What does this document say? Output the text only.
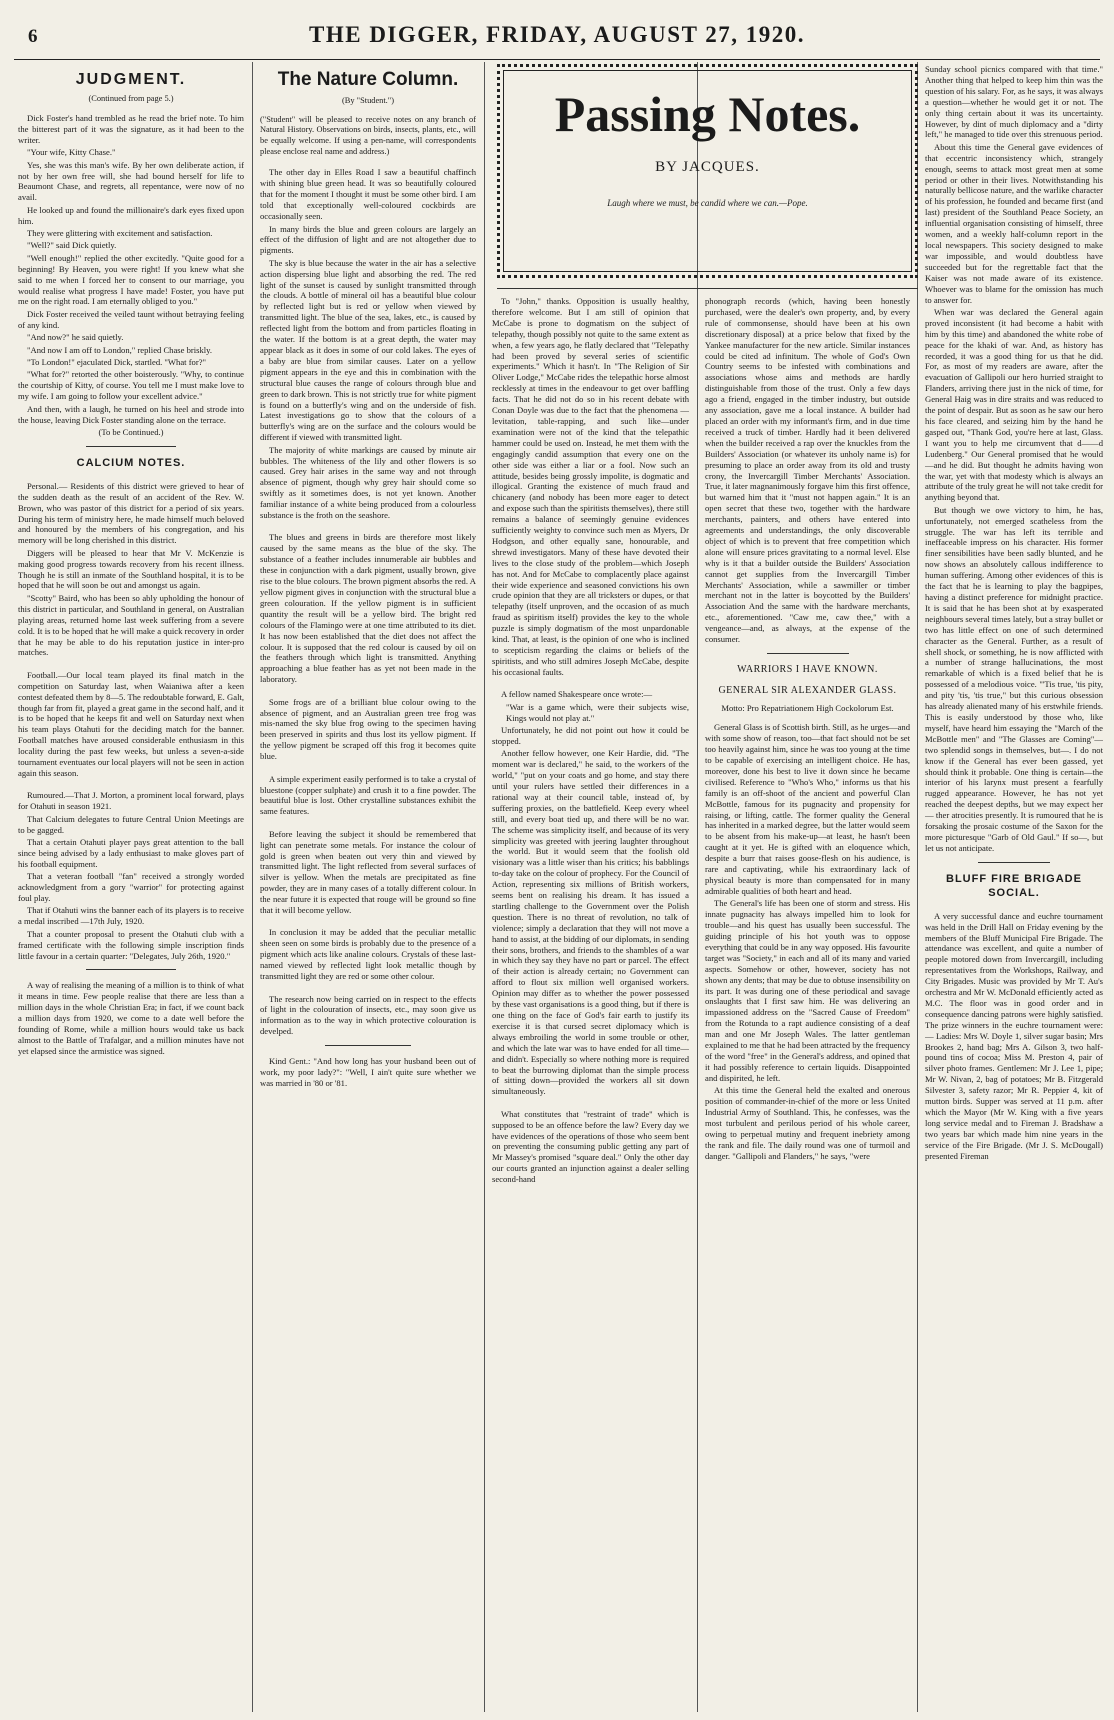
6	THE DIGGER, FRIDAY, AUGUST 27, 1920.
JUDGMENT.
(Continued from page 5.)

Dick Foster's hand trembled as he read the brief note. To him the bitterest part of it was the signature, as it had been to the writer.

"Your wife, Kitty Chase."

Yes, she was this man's wife. By her own deliberate action, if not by her own free will, she had bound herself for life to Beaumont Chase, and regrets, all repentance, were now of no avail.

He looked up and found the millionaire's dark eyes fixed upon him.

They were glittering with excitement and satisfaction.

"Well?" said Dick quietly.

"Well enough!" replied the other excitedly. "Quite good for a beginning! By Heaven, you were right! If you knew what she said to me when I forced her to consent to our marriage, you would realise what progress I have made! Foster, you have put me on the right road. I am eternally obliged to you."

Dick Foster received the veiled taunt without betraying feeling of any kind.

"And now?" he said quietly.

"And now I am off to London," replied Chase briskly.

"To London!" ejaculated Dick, startled. "What for?"

"What for?" retorted the other boisterously. "Why, to continue the courtship of Kitty, of course. You tell me I must make love to my wife. I am going to follow your excellent advice."

And then, with a laugh, he turned on his heel and strode into the house, leaving Dick Foster standing alone on the terrace.

(To be Continued.)

CALCIUM NOTES.

Personal.— Residents of this district were grieved to hear of the sudden death as the result of an accident of the Rev. W. Brown, who was pastor of this district for a period of six years. During his term of ministry here, he made himself much beloved and honoured by the members of his congregation, and his memory will be long cherished in this district.

Diggers will be pleased to hear that Mr V. McKenzie is making good progress towards recovery from his recent illness. Though he is still an inmate of the Southland hospital, it is to be hoped that he will soon be out and amongst us again.

"Scotty" Baird, who has been so ably upholding the honour of this district in particular, and Southland in general, on Australian playing areas, returned home last week suffering from a severe cold. It is to be hoped that he will make a quick recovery in order that he may be able to do his reputation justice in inter-pro matches.

Football.—Our local team played its final match in the competition on Saturday last, when Waianiwa after a keen contest defeated them by 8—5. The redoubtable forward, E. Galt, though far from fit, played a great game in the second half, and it is to be hoped that he keeps fit and well on Saturday next when his team plays Otahuti for the deciding match for the banner. Football matches have aroused considerable enthusiasm in this locality during the past few weeks, but unless a seven-a-side tournament eventuates our local players will not be seen in action again this season.

Rumoured.—That J. Morton, a prominent local forward, plays for Otahuti in season 1921.

That Calcium delegates to future Central Union Meetings are to be gagged.

That a certain Otahuti player pays great attention to the ball since being advised by a lady enthusiast to make gloves part of his football equipment.

That a veteran football "fan" received a strongly worded acknowledgment from a gory "warrior" for protecting against foul play.

That if Otahuti wins the banner each of its players is to receive a medal inscribed —17th July, 1920.

That a counter proposal to present the Otahuti club with a framed certificate with the following simple inscription finds little favour in a certain quarter: "Delegates, July 26th, 1920."

A way of realising the meaning of a million is to think of what it means in time. Few people realise that there are less than a million days in the whole Christian Era; in fact, if we count back a million days from 1920, we come to a date well before the founding of Rome, while a million hours would take us back almost to the Battle of Trafalgar, and a million minutes have not yet elapsed since the armistice was signed.

The Nature Column.
(By "Student.")
("Student" will be pleased to receive notes on any branch of Natural History. Observations on birds, insects, plants, etc., will be equally welcome. If using a pen-name, will correspondents please enclose real name and address.)

The other day in Elles Road I saw a beautiful chaffinch with shining blue green head. It was so beautifully coloured that for the moment I thought it must be some other bird. I am told that exceptionally well-coloured cockbirds are occasionally seen.

In many birds the blue and green colours are largely an effect of the diffusion of light and are not altogether due to pigments.

The sky is blue because the water in the air has a selective action dispersing blue light and absorbing the red. The red light of the sunset is caused by sunlight transmitted through the clouds. A bottle of mineral oil has a beautiful blue colour by reflected light but is red or yellow when viewed by transmitted light. The blue of the sea, lakes, etc., is caused by reflected light from the bottom and from particles floating in the water. If the bottom is at a great depth, the water may appear black as it does in some of our cold lakes. The eyes of a baby are blue from similar causes. Later on a yellow pigment appears in the eye and this in combination with the structural blue causes the range of colours through blue and green to dark brown. This is not strictly true for white pigment is found on a butterfly's wing and on the underside of fish. Latest investigations go to show that the colours of a butterfly's wing are on the surface and the colours would be different if viewed with transmitted light.

The majority of white markings are caused by minute air bubbles. The whiteness of the lily and other flowers is so caused. Grey hair arises in the same way and not through absence of pigment, though why grey hair should come so swiftly as it sometimes does, is not yet known. Another familiar instance of a white being produced from a colourless substance is the froth on the seashore.

The blues and greens in birds are therefore most likely caused by the same means as the blue of the sky. The substance of a feather includes innumerable air bubbles and these in conjunction with a dark pigment, usually brown, give rise to the blue colours. The brown pigment absorbs the red. A yellow pigment gives in conjunction with the structural blue a green colouration. If the yellow pigment is in sufficient quantity the result will be a yellow bird. The bright red colours of the Flamingo were at one time attributed to its diet. It has now been established that the diet does not affect the colour. It is supposed that the red colour is caused by oil on the feathers through which light is transmitted. Anything approaching a blue feather has as yet not been made in the laboratory.

Some frogs are of a brilliant blue colour owing to the absence of pigment, and an Australian green tree frog was mis-named the sky blue frog owing to the specimen having been preserved in spirits and thus lost its yellow pigment. If the yellow pigment be scraped off this frog it becomes quite blue.

A simple experiment easily performed is to take a crystal of bluestone (copper sulphate) and crush it to a fine powder. The beautiful blue is lost. Other crystalline substances exhibit the same features.

Before leaving the subject it should be remembered that light can penetrate some metals. For instance the colour of gold is green when beaten out very thin and viewed by transmitted light. The light reflected from several surfaces of silver is yellow. When the metals are precipitated as fine powder, they are in many cases of a totally different colour. In the near future it is expected that rouge will be ground so fine that it will become yellow.

In conclusion it may be added that the peculiar metallic sheen seen on some birds is probably due to the presence of a pigment which acts like analine colours. Crystals of these last-named viewed by reflected light look metallic though by transmitted light they are red or some other colour.

The research now being carried on in respect to the effects of light in the colouration of insects, etc., may soon give us information as to the way in which protective colouration is develped.

Kind Gent.: "And how long has your husband been out of work, my poor lady?": "Well, I ain't quite sure whether we was married in '80 or '81.

Passing Notes.
BY JACQUES.
Laugh where we must, be candid where we can.—Pope.

To "John," thanks. Opposition is usually healthy, therefore welcome. But I am still of opinion that McCabe is prone to dogmatism on the subject of telepathy, though possibly not quite to the same extent as when, a few years ago, he flatly declared that "Telepathy had been proved by several series of scientific experiments." Which it hasn't. In "The Religion of Sir Oliver Lodge," McCabe rides the telepathic horse almost recklessly at times in the endeavour to get over baffling facts. That he did not do so in his recent debate with Conan Doyle was due to the fact that the phenomena — levitation, table-rapping, and such like—under examination were not of the kind that the telepathic hammer could be used on. Instead, he met them with the engagingly candid assumption that every one on the other side was either a liar or a fool. Now such an attitude, besides being grossly impolite, is dogmatic and illogical. Granting the existence of much fraud and chicanery (and nobody has been more eager to detect and expose such than the spiritists themselves), there still remains a balance of seemingly genuine evidences sufficiently weighty to convince such men as Myers, Dr Hodgson, and other equally sane, honourable, and shrewd investigators. Many of these have devoted their lives to the close study of the problem—which Joseph has not. And for McCabe to complacently place against their wide experience and seasoned convictions his own crude opinion that they are all tricksters or dupes, or that telepathy (itself unproven, and the occasion of as much fraud as spiritism itself) provides the key to the whole puzzle is simply dogmatism of the most unpardonable kind. That, at least, is the opinion of one who is inclined to scepticism regarding the claims or beliefs of the spiritists, and who still admires Joseph McCabe, despite his occasional faults.

A fellow named Shakespeare once wrote:—

"War is a game which, were their subjects wise, Kings would not play at."

Unfortunately, he did not point out how it could be stopped.

Another fellow however, one Keir Hardie, did. "The moment war is declared," he said, to the workers of the world," "put on your coats and go home, and stay there until your rulers have settled their differences in a rational way at their council table, instead of, by suffering proxies, on the battlefield. Keep every wheel still, and every boat tied up, and there will be no war. The scheme was simplicity itself, and because of its very simplicity was greeted with jeering laughter throughout the world. But it would seem that the foolish old visionary was a little wiser than his critics; his babblings to-day take on the colour of prophecy. For the Council of Action, representing six millions of British workers, seems bent on realising his dream. It has issued a startling challenge to the Government over the Polish question. There is no threat of revolution, no talk of violence; simply a declaration that they will not move a hand to assist, at the bidding of our diplomats, in sending their sons, brothers, and friends to the shambles of a war in which they say they have no part or parcel. The effect of their action is already certain; no Government can afford to flout six million well organised workers. Opinion may differ as to whether the power possessed by these vast organisations is a good thing, but if there is one thing on the face of God's fair earth to justify its exercise it is that cursed secret diplomacy which is always embroiling the world in some trouble or other, and which the late war was to have ended for all time—and didn't. Especially so where nothing more is required to beat the burrowing diplomat than the simple process of sitting down—provided the workers all sit down simultaneously.

What constitutes that "restraint of trade" which is supposed to be an offence before the law? Every day we have evidences of the operations of those who seem bent on preventing the consuming public getting any part of Mr Massey's promised "square deal." Only the other day our courts granted an injunction against a dealer selling second-hand

phonograph records (which, having been honestly purchased, were the dealer's own property, and, by every rule of commonsense, should have been at his own discretionary disposal) at a price below that fixed by the Yankee manufacturer for the new article. Similar instances could be cited ad infinitum. The whole of God's Own Country seems to be infested with combinations and associations whose aims and methods are hardly distinguishable from those of the trust. Only a few days ago a friend, engaged in the timber industry, but outside any association, gave me a local instance. A builder had placed an order with my informant's firm, and in due time received a truck of timber. Hardly had it been delivered when the builder received a rap over the knuckles from the Builders' Association (or whatever its unholy name is) for presuming to place an order away from its old and trusty crony, the Invercargill Timber Merchants' Association. True, it later magnanimously forgave him this first offence, but warned him that it "must not happen again." It is an open secret that these two, together with the hardware merchants, painters, and others have entered into agreements and understandings, the only discoverable object of which is to prevent that free competition which alone will ensure prices gravitating to a normal level. Else why is it that a builder outside the Builders' Association cannot get supplies from the Invercargill Timber Merchants' Association, while a sawmiller or timber merchant not in the latter is boycotted by the Builders' Association And the same with the hardware merchants, etc., aforementioned. "Caw me, caw thee," with a vengeance—and, as always, at the expense of the consumer.

WARRIORS I HAVE KNOWN.
GENERAL SIR ALEXANDER GLASS.

Motto: Pro Repatriationem High Cockolorum Est.

General Glass is of Scottish birth. Still, as he urges—and with some show of reason, too—that fact should not be set too heavily against him, since he was too young at the time to be capable of exercising an intelligent choice. He has, moreover, done his best to live it down since he became civilised. Reference to "Who's Who," informs us that his family is an off-shoot of the ancient and powerful Clan McBottle, famous for its pugnacity and propensity for raising, or lifting, cattle. The former quality the General has inherited in a marked degree, but the latter would seem to be absent from his make-up—at least, he hasn't been caught at it yet. He is gifted with an eloquence which, despite a burr that raises goose-flesh on his audience, is rare and captivating, while his extraordinary lack of physical beauty is more than compensated for in many admirable qualities of both heart and head.

The General's life has been one of storm and stress. His innate pugnacity has always impelled him to look for trouble—and his quest has usually been successful. The guiding principle of his hot youth was to oppose everything that could be in any way opposed. His favourite target was "Society," in each and all of its many and varied aspects. Somehow or other, however, society has not shown any dents; that may be due to obtuse insensibility on its part. It was during one of these periodical and savage onslaughts that I first saw him. He was delivering an impassioned address on the "Sacred Cause of Freedom" from the Rotunda to a rapt audience consisting of a deaf man and one Mr Joseph Wales. The latter gentleman explained to me that he had been attracted by the frequency of the word "free" in the General's address, and opined that it had possibly reference to certain liquids. Disappointed and dispirited, he left.

At this time the General held the exalted and onerous position of commander-in-chief of the more or less United Industrial Army of Southland. This, he confesses, was the most turbulent and perilous period of his whole career, owing to perpetual mutiny and frequent inebriety among the rank and file. The daily round was one of turmoil and danger. "Gallipoli and Flanders," he says, "were

Sunday school picnics compared with that time." Another thing that helped to keep him thin was the question of his salary. For, as he says, it was always a question—whether he would get it or not. The only thing certain about it was its uncertainty. However, by dint of much diplomacy and a "dirty left," he managed to tide over this strenuous period.

About this time the General gave evidences of that eccentric inconsistency which, strangely enough, seems to attack most great men at some period or other in their lives. Notwithstanding his naturally bellicose nature, and the warlike character of his profession, he founded and became first (and last) president of the Southland Peace Society, an influential organisation consisting of himself, three women, and a weekly half-column report in the local newspapers. This society designed to make war impossible, and would doubtless have succeeded but for the regrettable fact that the Kaiser was not made aware of its existence. Whoever was to blame for the omission has much to answer for.

When war was declared the General again proved inconsistent (it had become a habit with him by this time) and abandoned the white robe of peace for the khaki of war. And, as history has recorded, it was a good thing for us that he did. For, as most of my readers are aware, after the evacuation of Gallipoli our hero hurried straight to Flanders, arriving there just in the nick of time, for General Haig was in dire straits and was reduced to the point of despair. But as soon as he saw our hero his face cleared, and seizing him by the hand he gasped out, "Thank God, you're here at last, Glass. I want you to help me circumvent that d——d Ludenberg." Our General promised that he would—and he did. But thought he admits having won the war, yet with that modesty which is always an attribute of the truly great he will not take credit for anything beyond that.

But though we owe victory to him, he has, unfortunately, not emerged scatheless from the struggle. The war has left its terrible and ineffaceable impress on his character. His former finer sensibilities have been sadly blunted, and he now shows an absolutely callous indifference to human suffering. Among other evidences of this is the fact that he is learning to play the bagpipes, having a distinct preference for midnight practice. It is said that he has been shot at by exasperated neighbours several times lately, but a stray bullet or two has little effect on one of such determined character as the General. Further, as a result of shell shock, or something, he is now afflicted with a number of strange hallucinations, the most remarkable of which is a fixed belief that he is possessed of a melodious voice. "'Tis true, 'tis pity, and pity 'tis, 'tis true," but this curious obsession has already alienated many of his erstwhile friends. This is easily understood by those who, like myself, have heard him essaying the "March of the McBottle men" and "The Glasses are Coming"—two splendid songs in themselves, but—. I do not know if the General has ever been gassed, yet should think it probable. One thing is certain—the interior of his larynx must present a fearfully rugged appearance. However, he has not yet reached the deepest depths, but we may expect her— ther atrocities presently. It is rumoured that he is forsaking the prosaic costume of the Saxon for the more picturesque "Garb of Old Gaul." If so—, but let us not anticipate.

BLUFF FIRE BRIGADE SOCIAL.

A very successful dance and euchre tournament was held in the Drill Hall on Friday evening by the members of the Bluff Municipal Fire Brigade. The attendance was excellent, and quite a number of people motored down from Invercargill, including representatives from the Workshops, Railway, and City Brigades. Music was provided by Mr T. Au's orchestra and Mr W. McDonald efficiently acted as M.C. The floor was in good order and in consequence dancing patrons were highly satisfied. The prize winners in the euchre tournament were:— Ladies: Mrs W. Doyle 1, silver sugar basin; Mrs Brookes 2, hand bag; Mrs A. Gilson 3, two half-pound tins of cocoa; Miss M. Preston 4, pair of silver photo frames. Gentlemen: Mr J. Lee 1, pipe; Mr W. Nivan, 2, bag of potatoes; Mr B. Fitzgerald Silvester 3, safety razor; Mr R. Peppier 4, kit of mutton birds. Supper was served at 11 p.m. after which the Mayor (Mr W. King with a five years long service medal and to Fireman J. Bradshaw a two years bar which made him nine years in the service of the Fire Brigade. (Mr J. S. McDougall) presented Fireman
